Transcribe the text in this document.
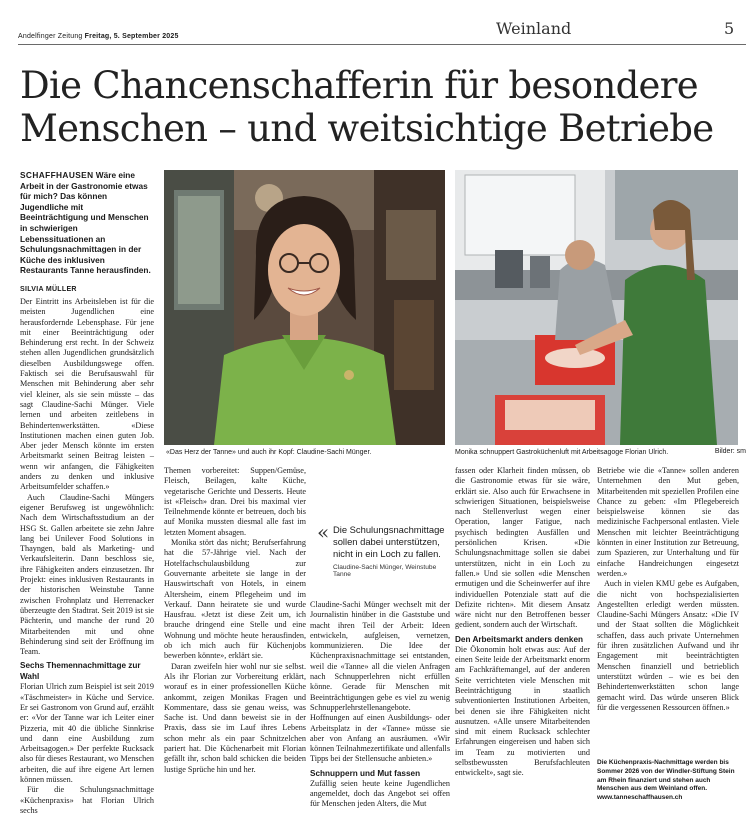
Andelfinger Zeitung Freitag, 5. September 2025	Weinland	5
Die Chancenschafferin für besondere
Menschen – und weitsichtige Betriebe
SCHAFFHAUSEN Wäre eine Arbeit in der Gastronomie etwas für mich? Das können Jugendliche mit Beeinträchtigung und Menschen in schwierigen Lebenssituationen an Schulungsnachmittagen in der Küche des inklusiven Restaurants Tanne herausfinden.
SILVIA MÜLLER

Der Eintritt ins Arbeitsleben ist für die meisten Jugendlichen eine herausfordernde Lebensphase. Für jene mit einer Beeinträchtigung oder Behinderung erst recht. In der Schweiz stehen allen Jugendlichen grundsätzlich dieselben Ausbildungswege offen. Faktisch sei die Berufsauswahl für Menschen mit Behinderung aber sehr viel kleiner, als sie sein müsste – das sagt Claudine-Sachi Münger. Viele lernen und arbeiten zeitlebens in Behindertenwerkstätten. «Diese Institutionen machen einen guten Job. Aber jeder Mensch könnte im ersten Arbeitsmarkt seinen Beitrag leisten – wenn wir anfangen, die Fähigkeiten anders zu denken und inklusive Arbeitsumfelder schaffen.»

Auch Claudine-Sachi Müngers eigener Berufsweg ist ungewöhnlich: Nach dem Wirtschaftsstudium an der HSG St. Gallen arbeitete sie zehn Jahre lang bei Unilever Food Solutions in Thayngen, bald als Marketing- und Verkaufsleiterin. Dann beschloss sie, ihre Fähigkeiten anders einzusetzen. Ihr Projekt: eines inklusiven Restaurants in der historischen Weinstube Tanne zwischen Frohnplatz und Herrenacker überzeugte den Stadtrat. Seit 2019 ist sie Pächterin, und manche der rund 20 Mitarbeitenden mit und ohne Behinderung sind seit der Eröffnung im Team.

Sechs Themennachmittage zur Wahl

Florian Ulrich zum Beispiel ist seit 2019 «Täschmeister» in Küche und Service. Er sei Gastronom von Grund auf, erzählt er: «Vor der Tanne war ich Leiter einer Pizzeria, mit 40 die übliche Sinnkrise und dann eine Ausbildung zum Arbeitsagogen.» Der perfekte Rucksack also für dieses Restaurant, wo Menschen arbeiten, die auf ihre eigene Art lernen können müssen.

Für die Schulungsnachmittage «Küchenpraxis» hat Florian Ulrich sechs

«Das Herz der Tanne» und auch ihr Kopf: Claudine-Sachi Münger.	Monika schnuppert Gastroküchenluft mit Arbeitsagoge Florian Ulrich.	Bilder: sm

Themen vorbereitet: Suppen/Gemüse, Fleisch, Beilagen, kalte Küche, vegetarische Gerichte und Desserts. Heute ist «Fleisch» dran. Drei bis maximal vier Teilnehmende könnte er betreuen, doch bis auf Monika mussten diesmal alle fast im letzten Moment absagen.

Monika stört das nicht; Berufserfahrung hat die 57-Jährige viel. Nach der Hotelfachschulausbildung zur Gouvernante arbeitete sie lange in der Hauswirtschaft von Hotels, in einem Altersheim, einem Pflegeheim und im Verkauf. Dann heiratete sie und wurde Hausfrau. «Jetzt ist diese Zeit um, ich brauche dringend eine Stelle und eine Wohnung und möchte heute herausfinden, ob ich mich auch für Küchenjobs bewerben könnte», erklärt sie.

Daran zweifeln hier wohl nur sie selbst. Als ihr Florian zur Vorbereitung erklärt, worauf es in einer professionellen Küche ankommt, zeigen Monikas Fragen und Kommentare, dass sie genau weiss, was Sache ist. Und dann beweist sie in der Praxis, dass sie im Lauf ihres Lebens schon mehr als ein paar Schnitzelchen pariert hat. Die Küchenarbeit mit Florian gefällt ihr, schon bald schicken die beiden lustige Sprüche hin und her.

« Die Schulungsnachmittage sollen dabei unterstützen, nicht in ein Loch zu fallen.
Claudine-Sachi Münger, Weinstube Tanne

Claudine-Sachi Münger wechselt mit der Journalistin hinüber in die Gaststube und macht ihren Teil der Arbeit: Ideen entwickeln, aufgleisen, vernetzen, kommunizieren. Die Idee der Küchenpraxisnachmittage sei entstanden, weil die «Tanne» all die vielen Anfragen nach Schnupperlehren nicht erfüllen könne. Gerade für Menschen mit Beeinträchtigungen gebe es viel zu wenig Schnupperlehrstellenangebote. Hoffnungen auf einen Ausbildungs- oder Arbeitsplatz in der «Tanne» müsse sie aber von Anfang an ausräumen. «Wir können Teilnahmezertifikate und allenfalls Tipps bei der Stellensuche anbieten.»

Schnuppern und Mut fassen

Zufällig seien heute keine Jugendlichen angemeldet, doch das Angebot sei offen für Menschen jeden Alters, die Mut

fassen oder Klarheit finden müssen, ob die Gastronomie etwas für sie wäre, erklärt sie. Also auch für Erwachsene in schwierigen Situationen, beispielsweise nach Stellenverlust wegen einer Operation, langer Fatigue, nach psychisch bedingten Ausfällen und persönlichen Krisen. «Die Schulungsnachmittage sollen sie dabei unterstützen, nicht in ein Loch zu fallen.» Und sie sollen «die Menschen ermutigen und die Scheinwerfer auf ihre individuellen Potenziale statt auf die Defizite richten». Mit diesem Ansatz wäre nicht nur den Betroffenen besser gedient, sondern auch der Wirtschaft.

Den Arbeitsmarkt anders denken

Die Ökonomin holt etwas aus: Auf der einen Seite leide der Arbeitsmarkt enorm am Fachkräftemangel, auf der anderen Seite verrichteten viele Menschen mit Beeinträchtigung in staatlich subventionierten Institutionen Arbeiten, bei denen sie ihre Fähigkeiten nicht ausnutzen. «Alle unsere Mitarbeitenden sind mit einem Rucksack schlechter Erfahrungen eingereisen und haben sich im Team zu motivierten und selbstbewussten Berufsfachleuten entwickelt», sagt sie.

Betriebe wie die «Tanne» sollen anderen Unternehmen den Mut geben, Mitarbeitenden mit speziellen Profilen eine Chance zu geben: «Im Pflegebereich beispielsweise können sie das medizinische Fachpersonal entlasten. Viele Menschen mit leichter Beeinträchtigung könnten in einer Institution zur Betreuung, zum Spazieren, zur Unterhaltung und für einfache Handreichungen eingesetzt werden.»

Auch in vielen KMU gebe es Aufgaben, die nicht von hochspezialisierten Angestellten erledigt werden müssten. Claudine-Sachi Müngers Ansatz: «Die IV und der Staat sollten die Möglichkeit schaffen, dass auch private Unternehmen für ihren zusätzlichen Aufwand und ihr Engagement mit beeinträchtigten Menschen finanziell und betrieblich unterstützt würden – wie es bei den Behindertenwerkstätten schon lange gemacht wird. Das würde unseren Blick für die vergessenen Ressourcen öffnen.»

Die Küchenpraxis-Nachmittage werden bis Sommer 2026 von der Windler-Stiftung Stein am Rhein finanziert und stehen auch Menschen aus dem Weinland offen. www.tanneschaffhausen.ch
